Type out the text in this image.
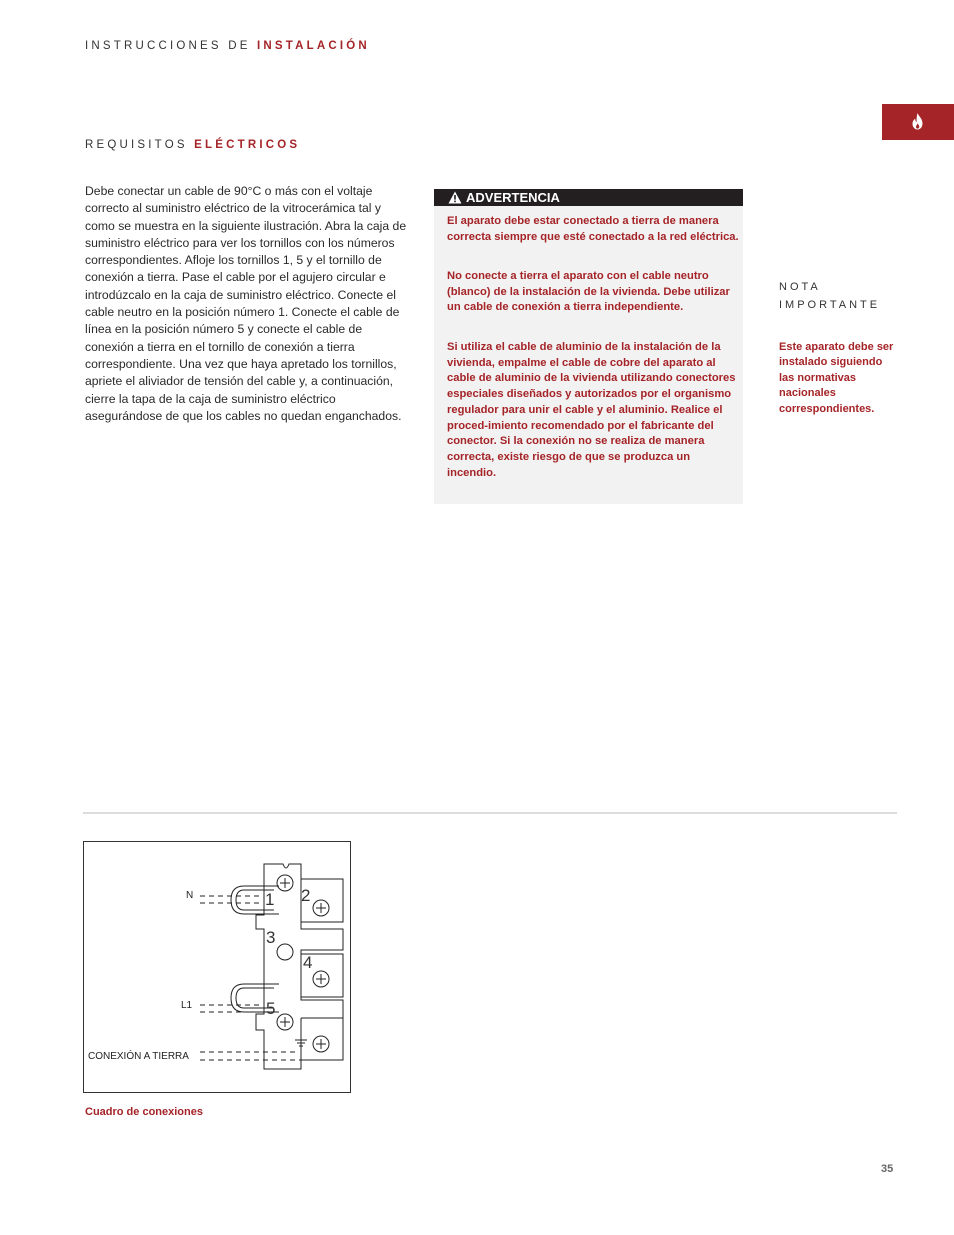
INSTRUCCIONES DE INSTALACIÓN
REQUISITOS ELÉCTRICOS
Debe conectar un cable de 90°C o más con el voltaje correcto al suministro eléctrico de la vitrocerámica tal y como se muestra en la siguiente ilustración. Abra la caja de suministro eléctrico para ver los tornillos con los números correspondientes. Afloje los tornillos 1, 5 y el tornillo de conexión a tierra. Pase el cable por el agujero circular e introdúzcalo en la caja de suministro eléctrico. Conecte el cable neutro en la posición número 1. Conecte el cable de línea en la posición número 5 y conecte el cable de conexión a tierra en el tornillo de conexión a tierra correspondiente. Una vez que haya apretado los tornillos, apriete el aliviador de tensión del cable y, a continuación, cierre la tapa de la caja de suministro eléctrico asegurándose de que los cables no quedan enganchados.
ADVERTENCIA
El aparato debe estar conectado a tierra de manera correcta siempre que esté conectado a la red eléctrica.
No conecte a tierra el aparato con el cable neutro (blanco) de la instalación de la vivienda. Debe utilizar un cable de conexión a tierra independiente.
Si utiliza el cable de aluminio de la instalación de la vivienda, empalme el cable de cobre del aparato al cable de aluminio de la vivienda utilizando conectores especiales diseñados y autorizados por el organismo regulador para unir el cable y el aluminio. Realice el proced-imiento recomendado por el fabricante del conector. Si la conexión no se realiza de manera correcta, existe riesgo de que se produzca un incendio.
NOTA
IMPORTANTE
Este aparato debe ser instalado siguiendo las normativas nacionales correspondientes.
1 2
3
4
5
N
L1
CONEXIÓN A TIERRA
Cuadro de conexiones
35
